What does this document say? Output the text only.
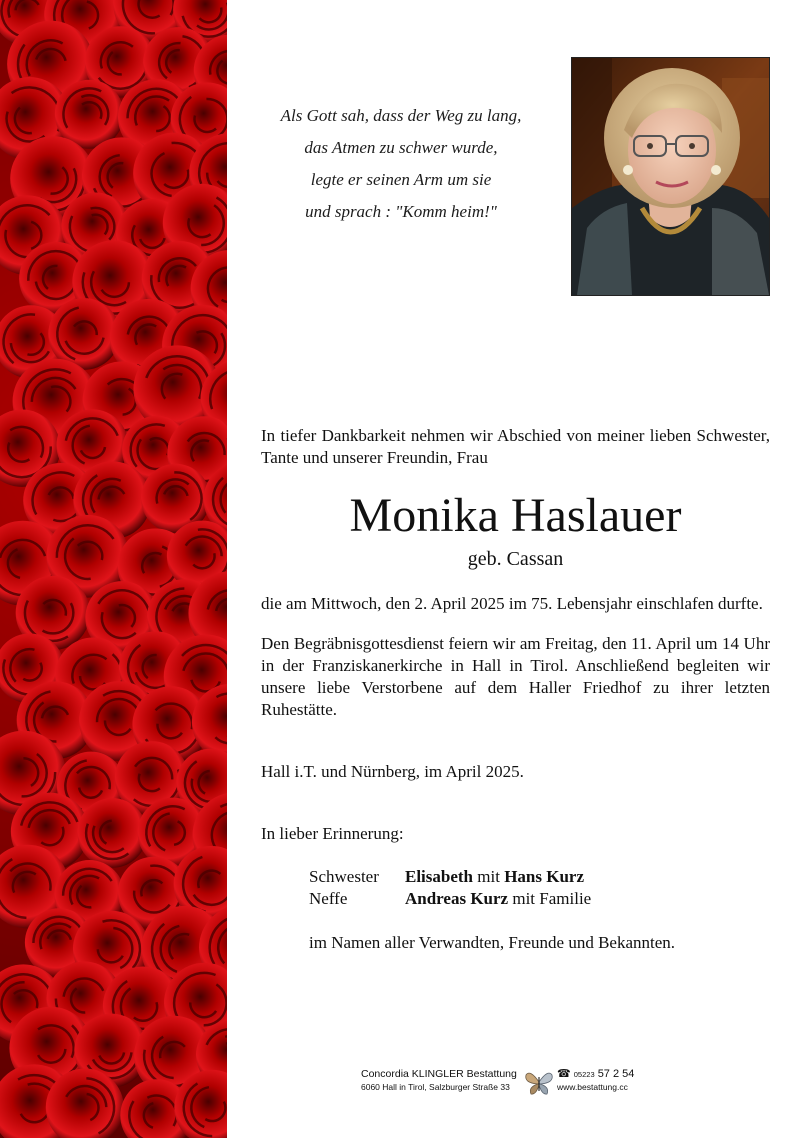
Als Gott sah, dass der Weg zu lang,
das Atmen zu schwer wurde,
legte er seinen Arm um sie
und sprach : "Komm heim!"
In tiefer Dankbarkeit nehmen wir Abschied von meiner lieben Schwester, Tante und unserer Freundin, Frau
Monika Haslauer
geb. Cassan
die am Mittwoch, den 2. April 2025 im 75. Lebensjahr einschlafen durfte.
Den Begräbnisgottesdienst feiern wir am Freitag, den 11. April um 14 Uhr in der Franziskanerkirche in Hall in Tirol. Anschließend begleiten wir unsere liebe Verstorbene auf dem Haller Friedhof zu ihrer letzten Ruhestätte.
Hall i.T. und Nürnberg, im April 2025.
In lieber Erinnerung:
Schwester	Elisabeth mit Hans Kurz
Neffe	Andreas Kurz mit Familie
im Namen aller Verwandten, Freunde und Bekannten.
Concordia KLINGLER Bestattung
6060 Hall in Tirol, Salzburger Straße 33
☎ 05223 57 2 54
www.bestattung.cc
